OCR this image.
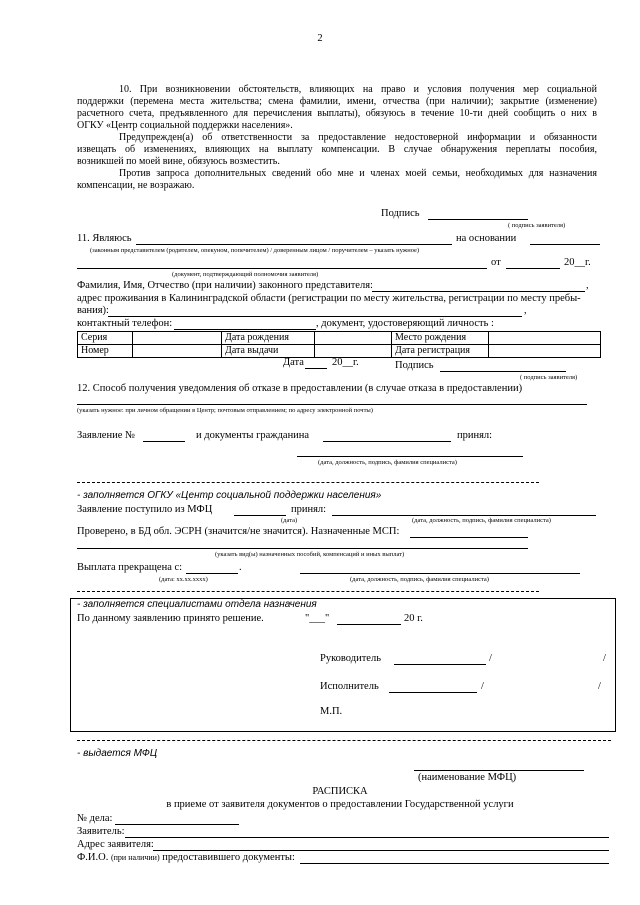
2
10. При возникновении обстоятельств, влияющих на право и условия получения мер социальной
поддержки (перемена места жительства; смена фамилии, имени, отчества (при наличии); закрытие (изменение)
расчетного счета, предъявленного для перечисления выплаты), обязуюсь в течение 10-ти дней сообщить о них в
ОГКУ «Центр социальной поддержки населения».
Предупрежден(а) об ответственности за предоставление недостоверной информации и обязанности
извещать об изменениях, влияющих на выплату компенсации. В случае обнаружения переплаты пособия,
возникшей по моей вине, обязуюсь возместить.
Против запроса дополнительных сведений обо мне и членах моей семьи, необходимых для назначения
компенсации, не возражаю.
Подпись
( подпись заявителя)
11. Являюсь	на основании
(законным представителем (родителем, опекуном, попечителем) / доверенным лицом / поручителем – указать нужное)
от	20__г.
(документ, подтверждающий полномочия заявителя)
Фамилия, Имя, Отчество (при наличии) законного представителя:	,
адрес проживания в Калининградской области (регистрации по месту жительства, регистрации по месту пребы-
вания):	,
контактный телефон:	, документ, удостоверяющий личность :
Серия		Дата рождения		Место рождения	
Номер		Дата выдачи		Дата регистрация	
Дата	20__г.	Подпись
( подпись заявителя)
12. Способ получения уведомления об отказе в предоставлении (в случае отказа в предоставлении)
(указать нужное: при личном обращении в Центр; почтовым отправлением; по адресу электронной почты)
Заявление №	и документы гражданина	принял:
(дата, должность, подпись, фамилия специалиста)
- заполняется ОГКУ «Центр социальной поддержки населения»
Заявление поступило из МФЦ	принял:
(дата)	(дата, должность, подпись, фамилия специалиста)
Проверено, в БД обл. ЭСРН (значится/не значится). Назначенные МСП:
(указать вид(ы) назначенных пособий, компенсаций и иных выплат)
Выплата прекращена с:	.
(дата: хх.хх.хххх)	(дата, должность, подпись, фамилия специалиста)
- заполняется специалистами отдела назначения
По данному заявлению принято решение.	"___"	20 г.
Руководитель	/	/
Исполнитель	/	/
М.П.
- выдается МФЦ
(наименование МФЦ)
РАСПИСКА
в приеме от заявителя документов о предоставлении Государственной услуги
№ дела:
Заявитель:
Адрес заявителя:
Ф.И.О. (при наличии) предоставившего документы:
